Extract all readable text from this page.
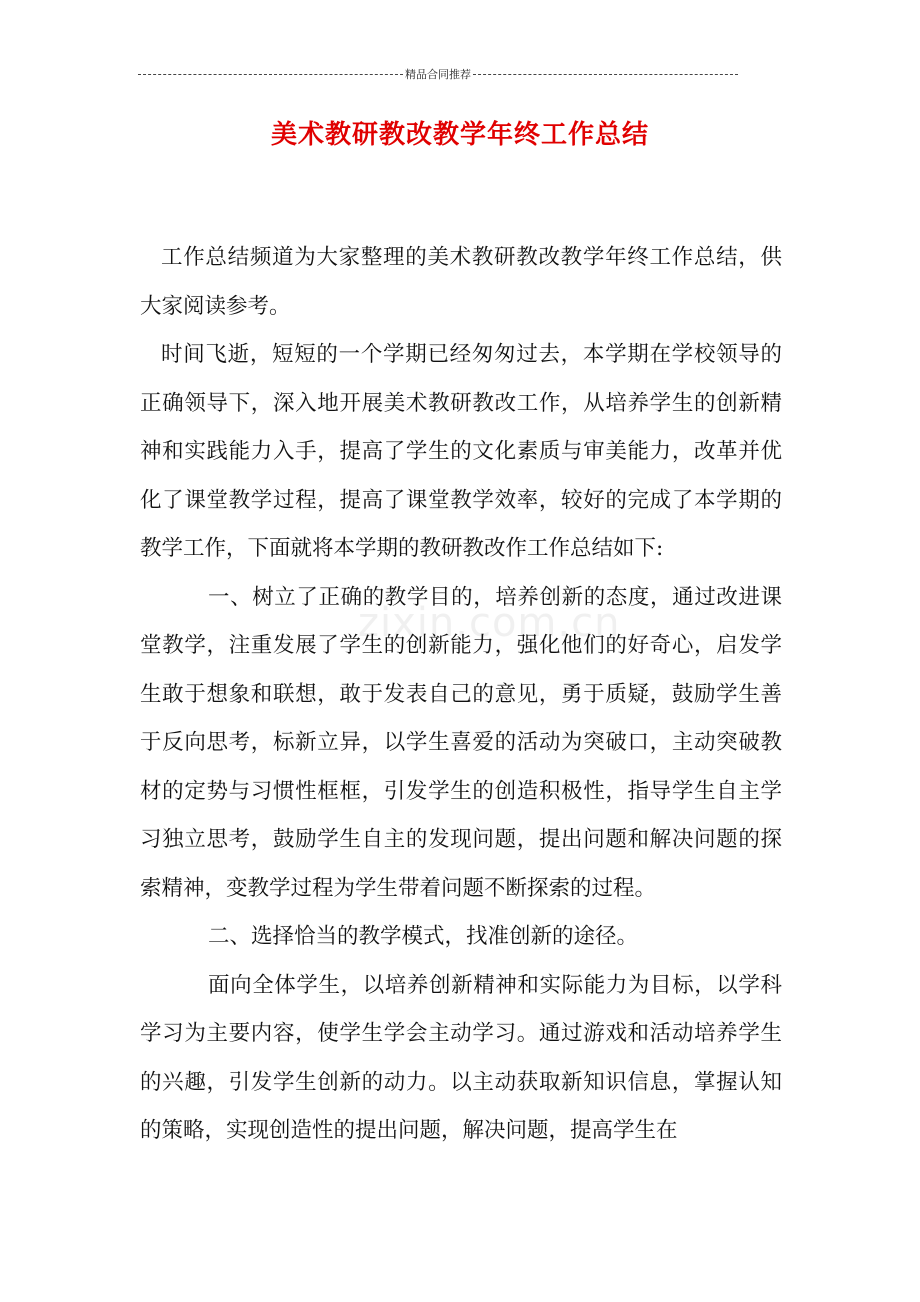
精品合同推荐
美术教研教改教学年终工作总结
zixin.com.cn

工作总结频道为大家整理的美术教研教改教学年终工作总结，供大家阅读参考。

时间飞逝，短短的一个学期已经匆匆过去，本学期在学校领导的正确领导下，深入地开展美术教研教改工作，从培养学生的创新精神和实践能力入手，提高了学生的文化素质与审美能力，改革并优化了课堂教学过程，提高了课堂教学效率，较好的完成了本学期的教学工作，下面就将本学期的教研教改作工作总结如下:

一、树立了正确的教学目的，培养创新的态度，通过改进课堂教学，注重发展了学生的创新能力，强化他们的好奇心，启发学生敢于想象和联想，敢于发表自己的意见，勇于质疑，鼓励学生善于反向思考，标新立异，以学生喜爱的活动为突破口，主动突破教材的定势与习惯性框框，引发学生的创造积极性，指导学生自主学习独立思考，鼓励学生自主的发现问题，提出问题和解决问题的探索精神，变教学过程为学生带着问题不断探索的过程。

二、选择恰当的教学模式，找准创新的途径。

面向全体学生，以培养创新精神和实际能力为目标，以学科学习为主要内容，使学生学会主动学习。通过游戏和活动培养学生的兴趣，引发学生创新的动力。以主动获取新知识信息，掌握认知的策略，实现创造性的提出问题，解决问题，提高学生在
